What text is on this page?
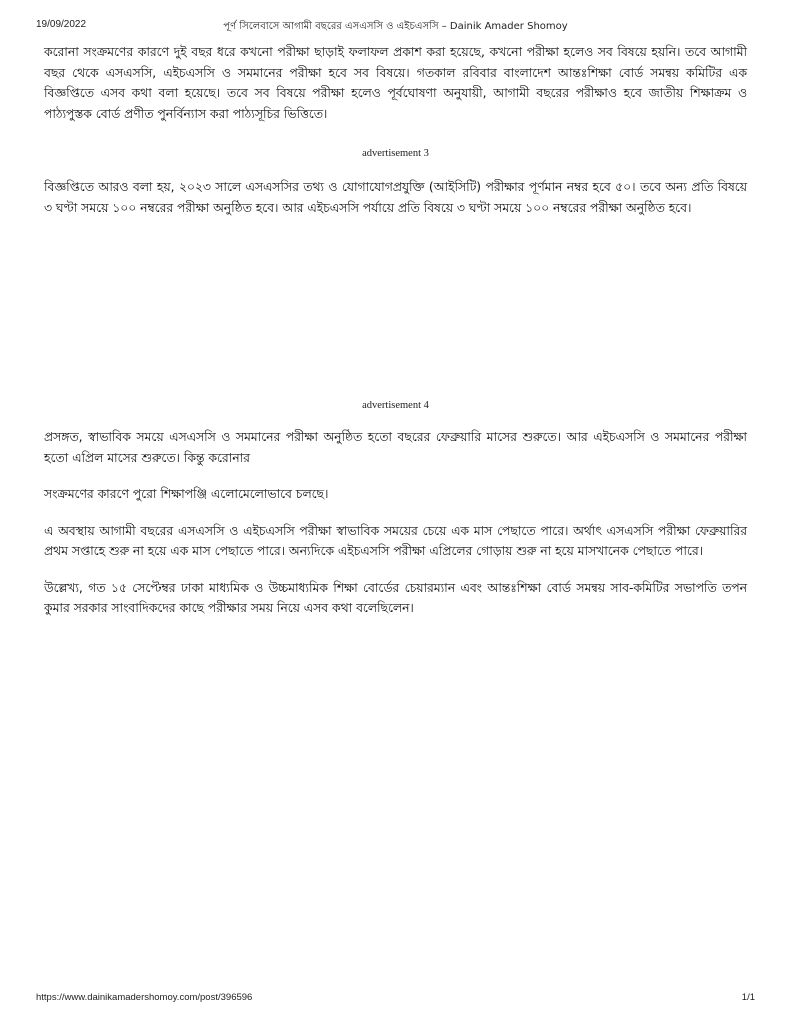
19/09/2022	পূর্ণ সিলেবাসে আগামী বছরের এসএসসি ও এইচএসসি – Dainik Amader Shomoy

করোনা সংক্রমণের কারণে দুই বছর ধরে কখনো পরীক্ষা ছাড়াই ফলাফল প্রকাশ করা হয়েছে, কখনো পরীক্ষা হলেও সব বিষয়ে হয়নি। তবে আগামী বছর থেকে এসএসসি, এইচএসসি ও সমমানের পরীক্ষা হবে সব বিষয়ে। গতকাল রবিবার বাংলাদেশ আন্তঃশিক্ষা বোর্ড সমন্বয় কমিটির এক বিজ্ঞপ্তিতে এসব কথা বলা হয়েছে। তবে সব বিষয়ে পরীক্ষা হলেও পূর্বঘোষণা অনুযায়ী, আগামী বছরের পরীক্ষাও হবে জাতীয় শিক্ষাক্রম ও পাঠ্যপুস্তক বোর্ড প্রণীত পুনর্বিন্যাস করা পাঠ্যসূচির ভিত্তিতে।

advertisement 3

বিজ্ঞপ্তিতে আরও বলা হয়, ২০২৩ সালে এসএসসির তথ্য ও যোগাযোগপ্রযুক্তি (আইসিটি) পরীক্ষার পূর্ণমান নম্বর হবে ৫০। তবে অন্য প্রতি বিষয়ে ৩ ঘণ্টা সময়ে ১০০ নম্বরের পরীক্ষা অনুষ্ঠিত হবে। আর এইচএসসি পর্যায়ে প্রতি বিষয়ে ৩ ঘণ্টা সময়ে ১০০ নম্বরের পরীক্ষা অনুষ্ঠিত হবে।

advertisement 4

প্রসঙ্গত, স্বাভাবিক সময়ে এসএসসি ও সমমানের পরীক্ষা অনুষ্ঠিত হতো বছরের ফেব্রুয়ারি মাসের শুরুতে। আর এইচএসসি ও সমমানের পরীক্ষা হতো এপ্রিল মাসের শুরুতে। কিন্তু করোনার

সংক্রমণের কারণে পুরো শিক্ষাপঞ্জি এলোমেলোভাবে চলছে।

এ অবস্থায় আগামী বছরের এসএসসি ও এইচএসসি পরীক্ষা স্বাভাবিক সময়ের চেয়ে এক মাস পেছাতে পারে। অর্থাৎ এসএসসি পরীক্ষা ফেব্রুয়ারির প্রথম সপ্তাহে শুরু না হয়ে এক মাস পেছাতে পারে। অন্যদিকে এইচএসসি পরীক্ষা এপ্রিলের গোড়ায় শুরু না হয়ে মাসখানেক পেছাতে পারে।

উল্লেখ্য, গত ১৫ সেপ্টেম্বর ঢাকা মাধ্যমিক ও উচ্চমাধ্যমিক শিক্ষা বোর্ডের চেয়ারম্যান এবং আন্তঃশিক্ষা বোর্ড সমন্বয় সাব-কমিটির সভাপতি তপন কুমার সরকার সাংবাদিকদের কাছে পরীক্ষার সময় নিয়ে এসব কথা বলেছিলেন।

https://www.dainikamadershomoy.com/post/396596	1/1
